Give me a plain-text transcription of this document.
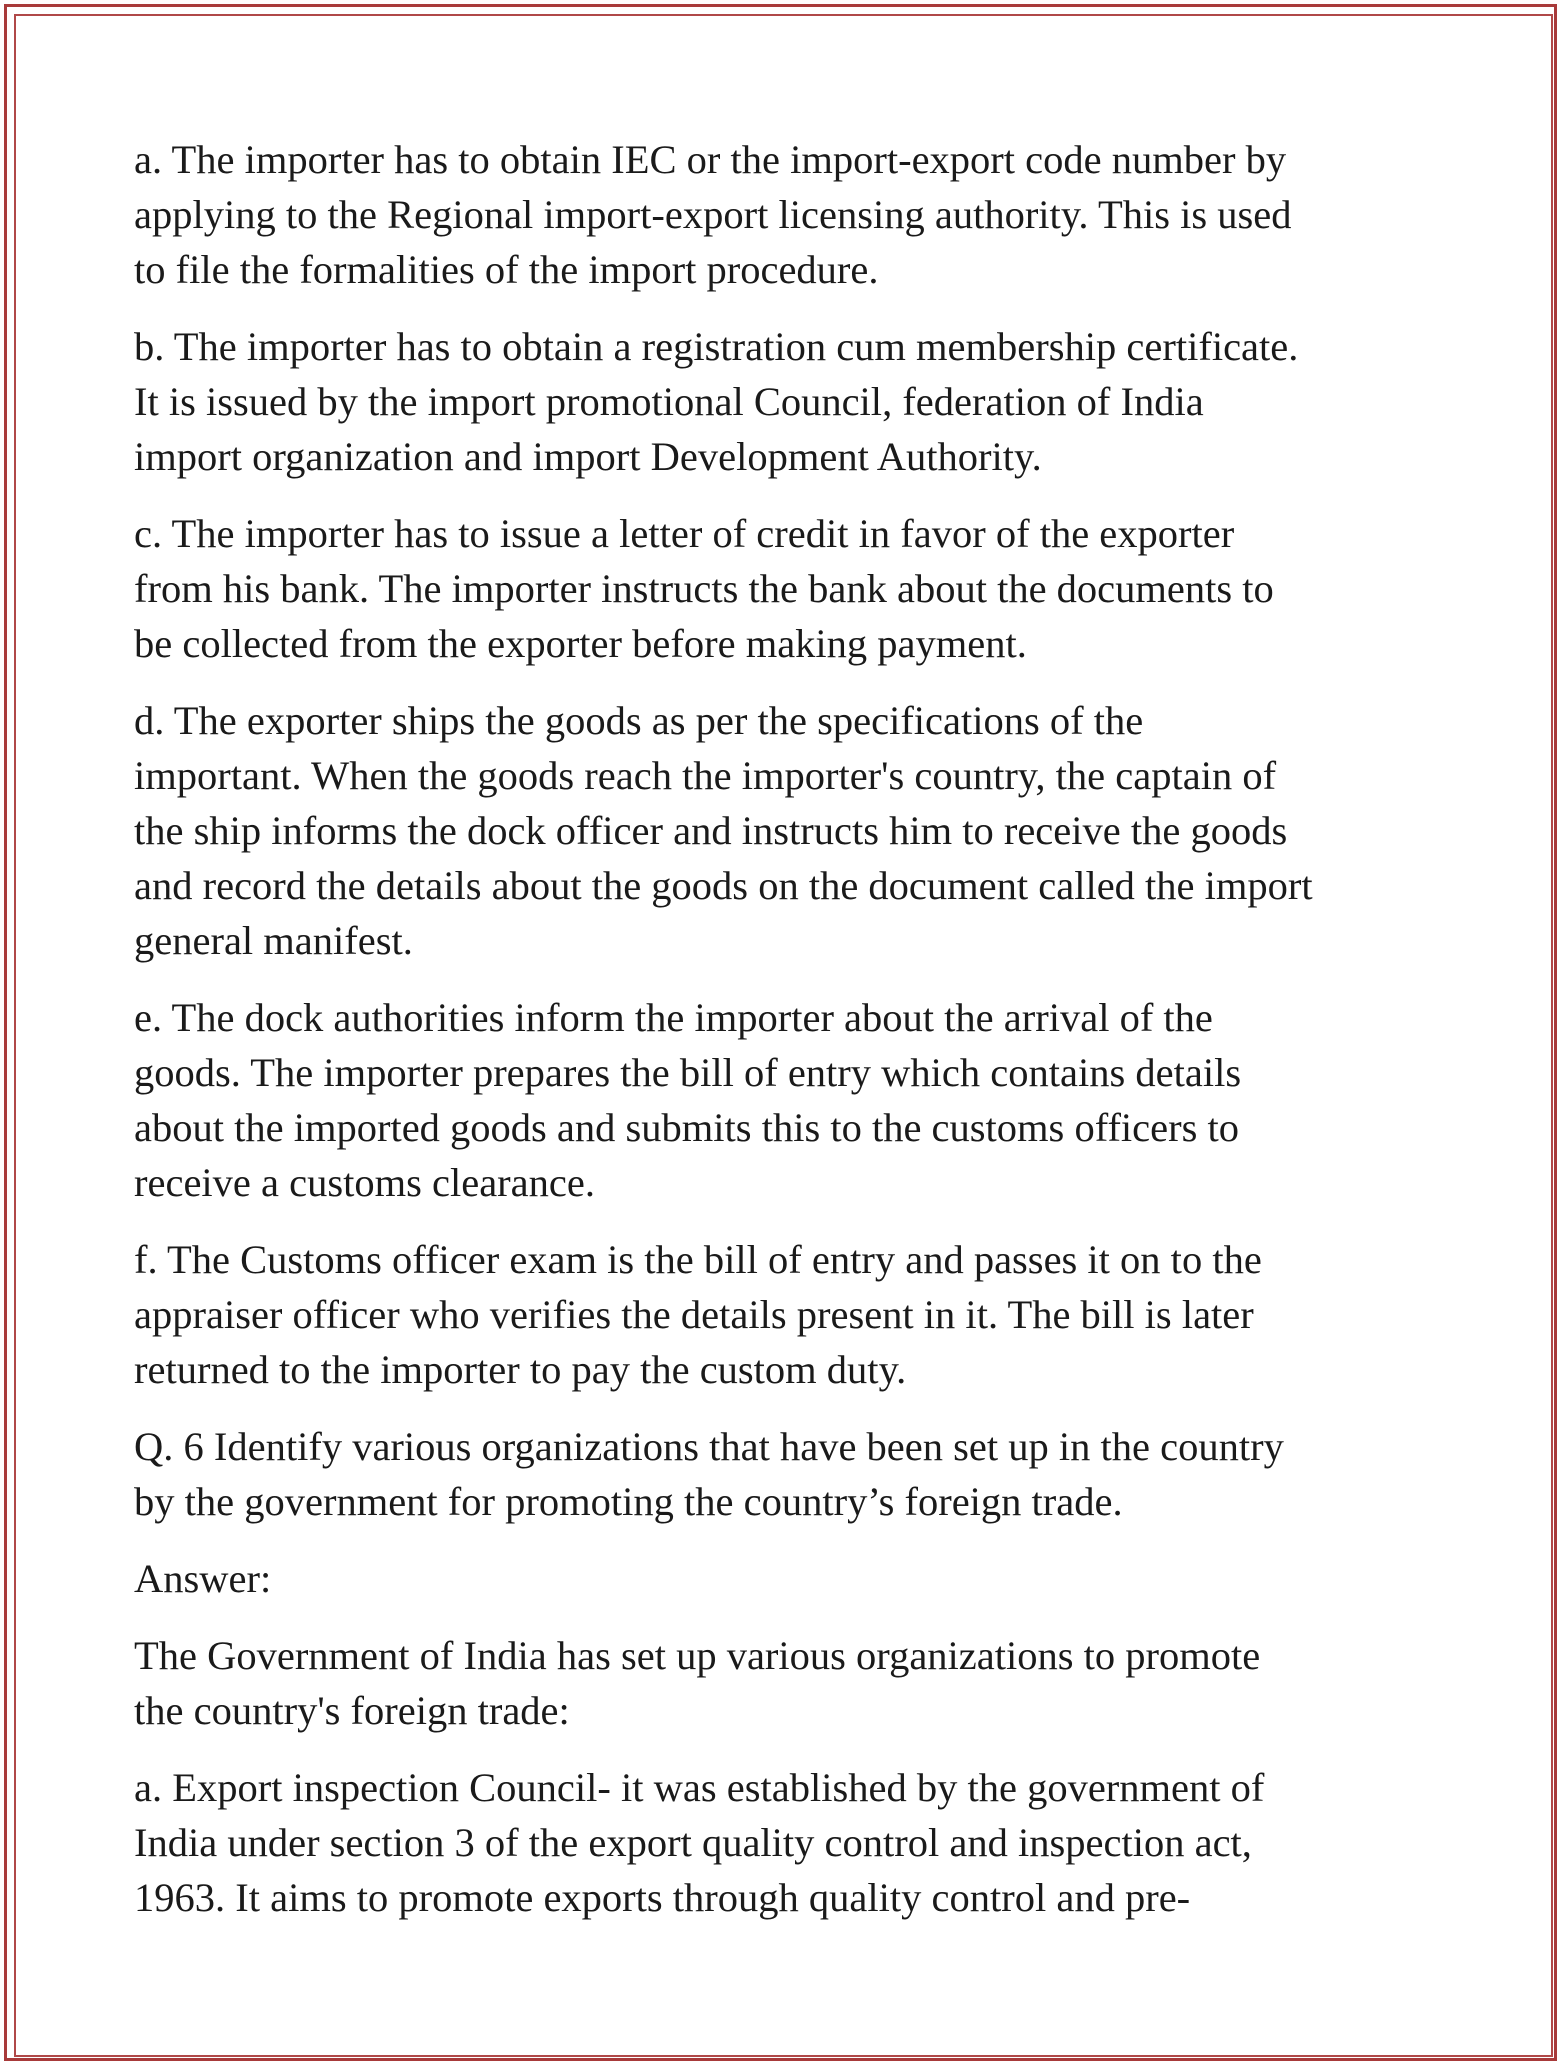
a. The importer has to obtain IEC or the import-export code number by
applying to the Regional import-export licensing authority. This is used
to file the formalities of the import procedure.

b. The importer has to obtain a registration cum membership certificate.
It is issued by the import promotional Council, federation of India
import organization and import Development Authority.

c. The importer has to issue a letter of credit in favor of the exporter
from his bank. The importer instructs the bank about the documents to
be collected from the exporter before making payment.

d. The exporter ships the goods as per the specifications of the
important. When the goods reach the importer's country, the captain of
the ship informs the dock officer and instructs him to receive the goods
and record the details about the goods on the document called the import
general manifest.

e. The dock authorities inform the importer about the arrival of the
goods. The importer prepares the bill of entry which contains details
about the imported goods and submits this to the customs officers to
receive a customs clearance.

f. The Customs officer exam is the bill of entry and passes it on to the
appraiser officer who verifies the details present in it. The bill is later
returned to the importer to pay the custom duty.

Q. 6 Identify various organizations that have been set up in the country
by the government for promoting the country’s foreign trade.

Answer:

The Government of India has set up various organizations to promote
the country's foreign trade:

a. Export inspection Council- it was established by the government of
India under section 3 of the export quality control and inspection act,
1963. It aims to promote exports through quality control and pre-
